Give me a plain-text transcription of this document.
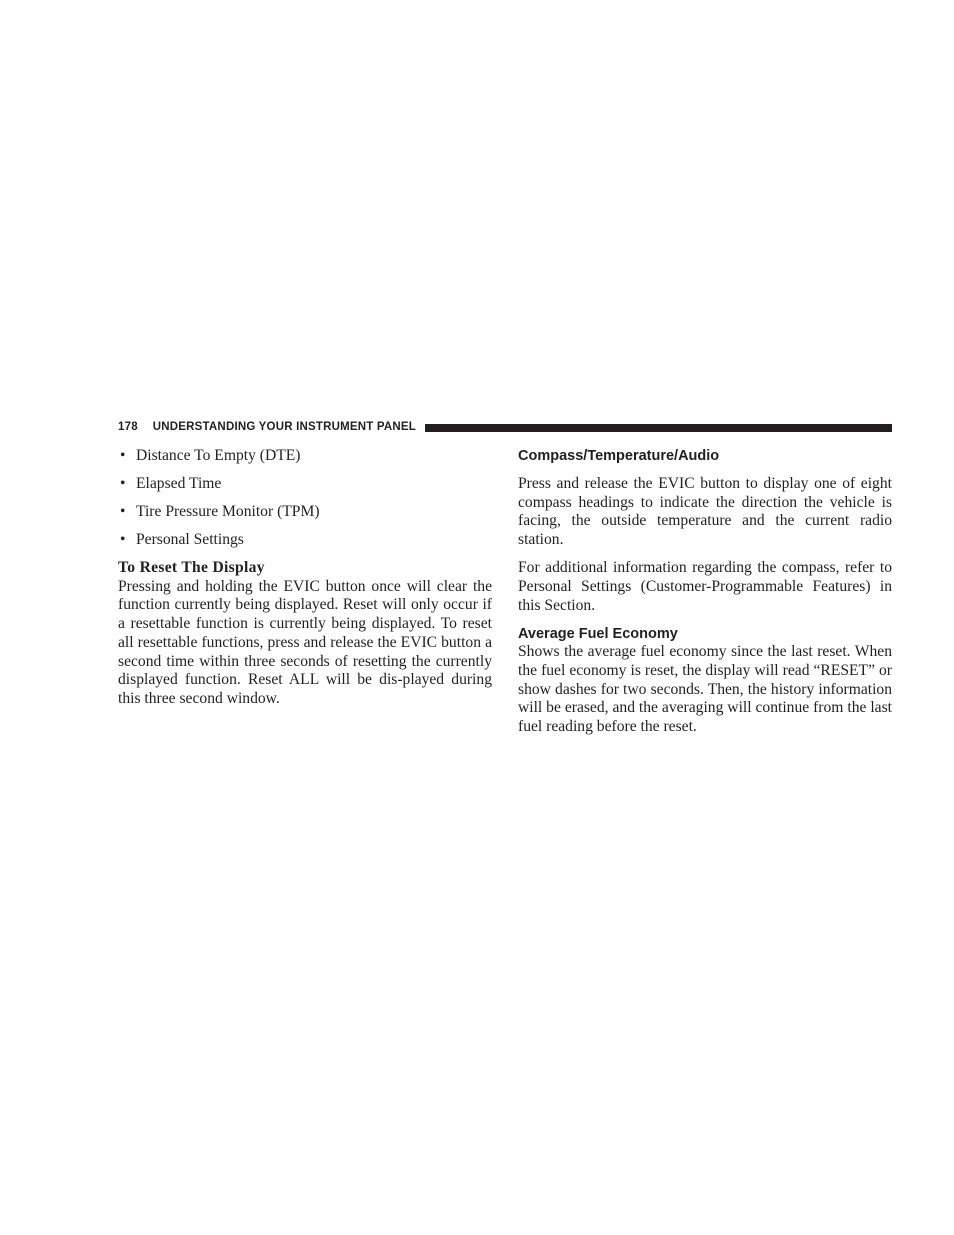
178 UNDERSTANDING YOUR INSTRUMENT PANEL
• Distance To Empty (DTE)
• Elapsed Time
• Tire Pressure Monitor (TPM)
• Personal Settings
To Reset The Display

Pressing and holding the EVIC button once will clear the function currently being displayed. Reset will only occur if a resettable function is currently being displayed. To reset all resettable functions, press and release the EVIC button a second time within three seconds of resetting the currently displayed function. Reset ALL will be dis-played during this three second window.

Compass/Temperature/Audio

Press and release the EVIC button to display one of eight compass headings to indicate the direction the vehicle is facing, the outside temperature and the current radio station.

For additional information regarding the compass, refer to Personal Settings (Customer-Programmable Features) in this Section.

Average Fuel Economy

Shows the average fuel economy since the last reset. When the fuel economy is reset, the display will read “RESET” or show dashes for two seconds. Then, the history information will be erased, and the averaging will continue from the last fuel reading before the reset.
